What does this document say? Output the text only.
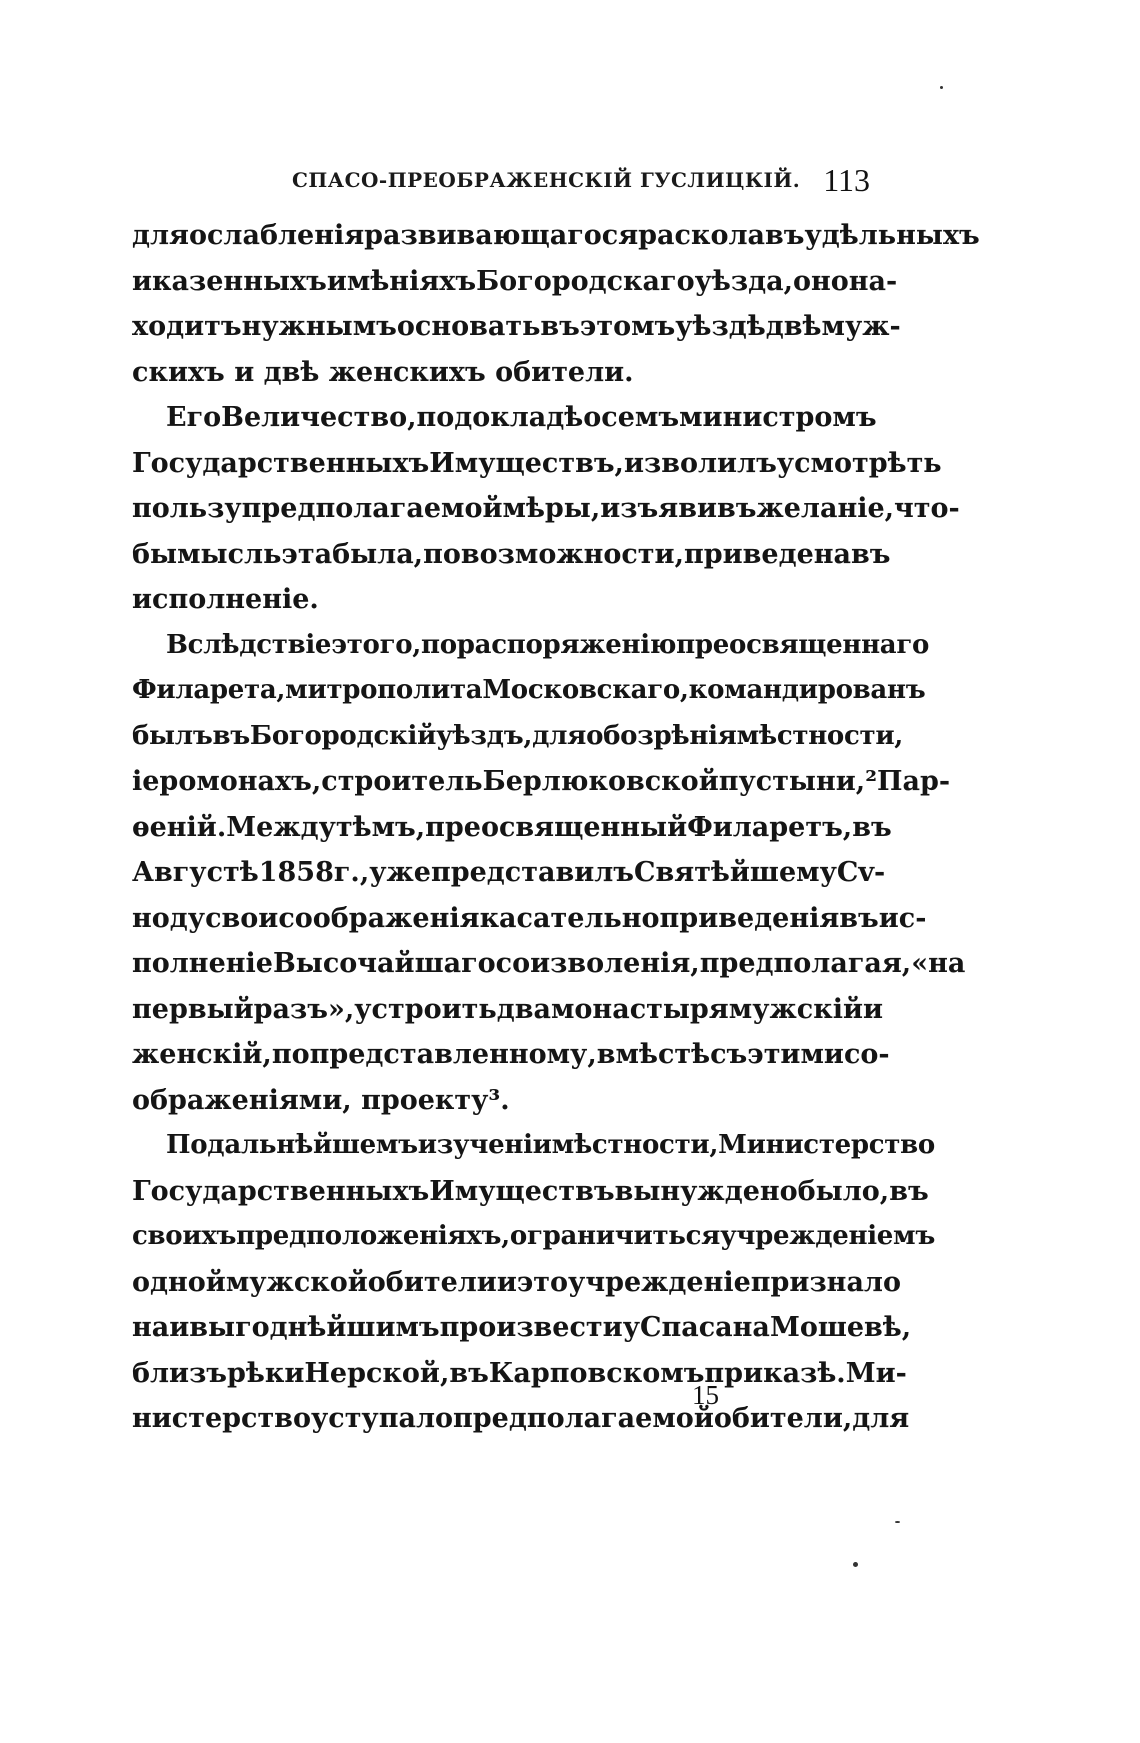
СПАСО-ПРЕОБРАЖЕНСКІЙ ГУСЛИЦКІЙ. 113
для ослабленія развивающагося раскола въ удѣльныхъ
и казенныхъ имѣніяхъ Богородскаго уѣзда, оно на-
ходитъ нужнымъ основать въ этомъ уѣздѣ двѣ муж-
скихъ и двѣ женскихъ обители.
Его Величество, по докладѣ о семъ министромъ
Государственныхъ Имуществъ, изволилъ усмотрѣть
пользу предполагаемой мѣры, изъявивъ желаніе, что-
бы мысль эта была, по возможности, приведена въ
исполненіе.
Вслѣдствіе этого, по распоряженію преосвященнаго
Филарета, митрополита Московскаго, командированъ
былъ въ Богородскій уѣздъ, для обозрѣнія мѣстности,
іеромонахъ, строитель Берлюковской пустыни, ² Пар-
ѳеній. Между тѣмъ, преосвященный Филаретъ, въ
Августѣ 1858 г., уже представилъ Святѣйшему Сv-
ноду свои соображенія касательно приведенія въ ис-
полненіе Высочайшаго соизволенія, предполагая, «на
первый разъ», устроить два монастыря мужскій и
женскій, по представленному, вмѣстѣ съ этими со-
ображеніями, проекту³.
По дальнѣйшемъ изученіи мѣстности, Министерство
Государственныхъ Имуществъ вынуждено было, въ
своихъ предположеніяхъ, ограничиться учрежденіемъ
одной мужской обители и это учрежденіе признало
наивыгоднѣйшимъ произвести у Спаса на Мошевѣ,
близъ рѣки Нерской, въ Карповскомъ приказѣ. Ми-
нистерство уступало предполагаемой обители, для
15
